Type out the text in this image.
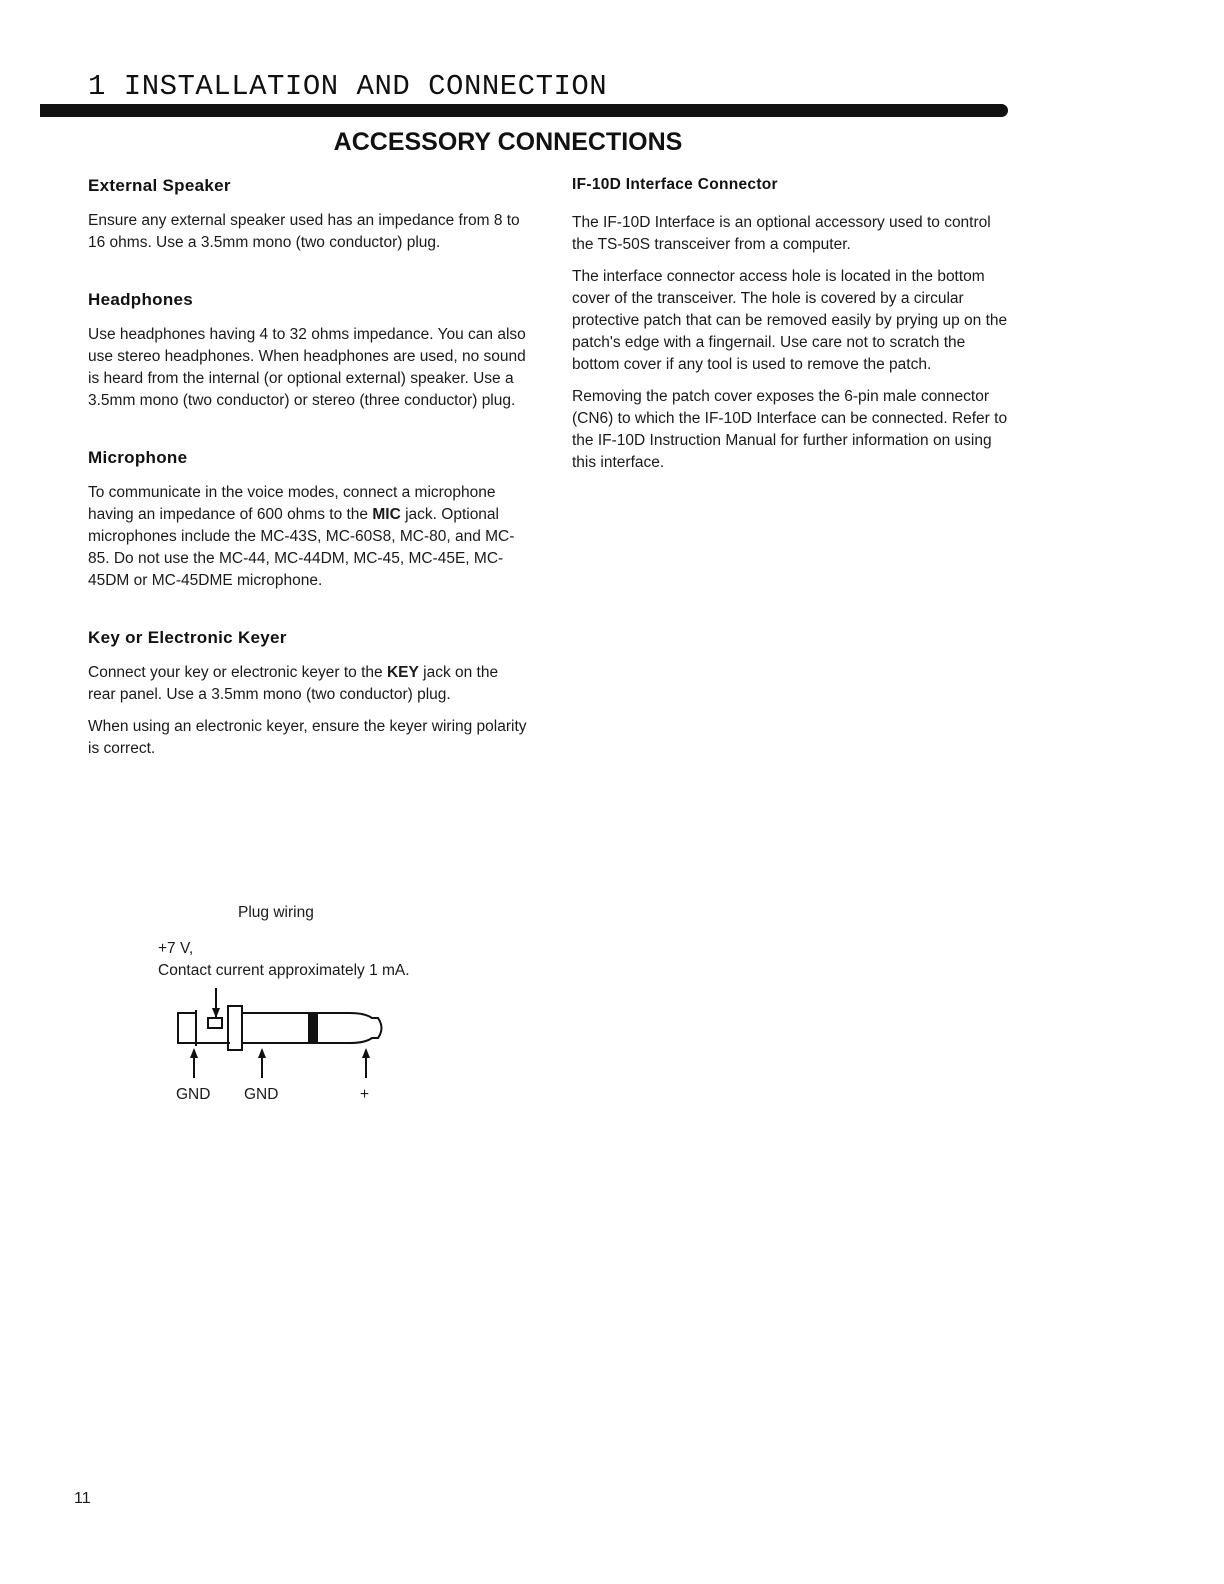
1 INSTALLATION AND CONNECTION
ACCESSORY CONNECTIONS
External Speaker

Ensure any external speaker used has an impedance from 8 to 16 ohms. Use a 3.5mm mono (two conductor) plug.

Headphones

Use headphones having 4 to 32 ohms impedance. You can also use stereo headphones. When headphones are used, no sound is heard from the internal (or optional external) speaker. Use a 3.5mm mono (two conductor) or stereo (three conductor) plug.

Microphone

To communicate in the voice modes, connect a microphone having an impedance of 600 ohms to the MIC jack. Optional microphones include the MC-43S, MC-60S8, MC-80, and MC-85. Do not use the MC-44, MC-44DM, MC-45, MC-45E, MC-45DM or MC-45DME microphone.

Key or Electronic Keyer

Connect your key or electronic keyer to the KEY jack on the rear panel. Use a 3.5mm mono (two conductor) plug.

When using an electronic keyer, ensure the keyer wiring polarity is correct.

IF-10D Interface Connector

The IF-10D Interface is an optional accessory used to control the TS-50S transceiver from a computer.

The interface connector access hole is located in the bottom cover of the transceiver. The hole is covered by a circular protective patch that can be removed easily by prying up on the patch's edge with a fingernail. Use care not to scratch the bottom cover if any tool is used to remove the patch.

Removing the patch cover exposes the 6-pin male connector (CN6) to which the IF-10D Interface can be connected. Refer to the IF-10D Instruction Manual for further information on using this interface.

Plug wiring

+7 V,

Contact current approximately 1 mA.

GND GND	+

11
